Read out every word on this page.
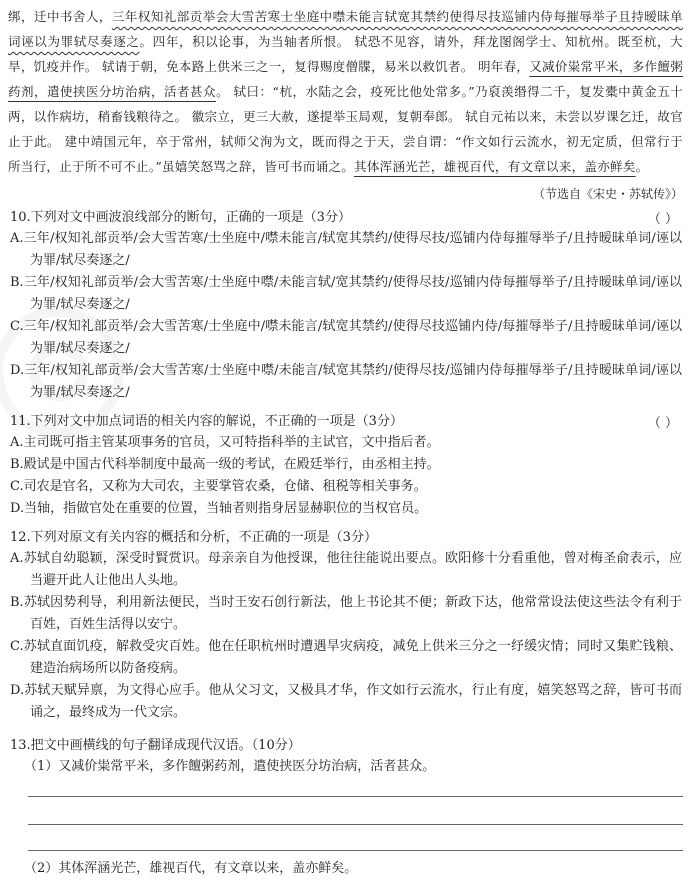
绑，迁中书舍人，三年权知礼部贡举会大雪苦寒士坐庭中噤未能言轼宽其禁约使得尽技巡铺内侍每摧辱举子且持暧昧单词诬以为罪轼尽奏逐之。四年，积以论事，为当轴者所恨。 轼恐不见容，请外，拜龙图阁学士、知杭州。既至杭，大旱，饥疫并作。 轼请于朝，免本路上供米三之一，复得赐度僧牒，易米以救饥者。 明年春，又减价粜常平米，多作饘粥药剂，遣使挟医分坊治病，活者甚众。 轼曰：“杭，水陆之会，疫死比他处常多。”乃裒羡缗得二千，复发橐中黄金五十两，以作病坊，稍畜钱粮待之。 徽宗立，更三大赦，遂提举玉局观，复朝奉郎。 轼自元祐以来，未尝以岁课乞迁，故官止于此。 建中靖国元年，卒于常州，轼师父洵为文，既而得之于天，尝自谓：“作文如行云流水，初无定质，但常行于所当行，止于所不可不止。”虽嬉笑怒骂之辞，皆可书而诵之。其体浑涵光芒，雄视百代，有文章以来，盖亦鲜矣。
（节选自《宋史・苏轼传》）
10.下列对文中画波浪线部分的断句，正确的一项是（3分）	（ ）
A.三年/权知礼部贡举/会大雪苦寒/士坐庭中/噤未能言/轼宽其禁约/使得尽技/巡铺内侍每摧辱举子/且持暧昧单词/诬以为罪/轼尽奏逐之/
B.三年/权知礼部贡举/会大雪苦寒/士坐庭中噤/未能言轼/宽其禁约/使得尽技/巡铺内侍每摧辱举子/且持暧昧单词/诬以为罪/轼尽奏逐之/
C.三年/权知礼部贡举/会大雪苦寒/士坐庭中/噤未能言/轼宽其禁约/使得尽技巡铺内侍/每摧辱举子/且持暧昧单词/诬以为罪/轼尽奏逐之/
D.三年/权知礼部贡举/会大雪苦寒/士坐庭中噤/未能言/轼宽其禁约/使得尽技/巡铺内侍每摧辱举子/且持暧昧单词/诬以为罪/轼尽奏逐之/
11.下列对文中加点词语的相关内容的解说，不正确的一项是（3分）	（ ）
A.主司既可指主管某项事务的官员，又可特指科举的主试官，文中指后者。
B.殿试是中国古代科举制度中最高一级的考试，在殿廷举行，由丞相主持。
C.司农是官名，又称为大司农，主要掌管农桑，仓储、租税等相关事务。
D.当轴，指做官处在重要的位置，当轴者则指身居显赫职位的当权官员。
12.下列对原文有关内容的概括和分析，不正确的一项是（3分）
A.苏轼自幼聪颖，深受时賢赏识。母亲亲自为他授课，他往往能说出要点。欧阳修十分看重他，曾对梅圣俞表示，应当避开此人让他出人头地。
B.苏轼因势利导，利用新法便民，当时王安石创行新法，他上书论其不便；新政下达，他常常设法使这些法令有利于百姓，百姓生活得以安宁。
C.苏轼直面饥疫，解救受灾百姓。他在任职杭州时遭遇旱灾病疫，减免上供米三分之一纾缓灾情；同时又集贮钱粮、建造治病场所以防备疫病。
D.苏轼天赋异禀，为文得心应手。他从父习文，又极具才华，作文如行云流水，行止有度，嬉笑怒骂之辞，皆可书而诵之，最终成为一代文宗。
13.把文中画横线的句子翻译成现代汉语。（10分）
（1）又减价粜常平米，多作饘粥药剂，遣使挟医分坊治病，活者甚众。
（2）其体浑涵光芒，雄视百代，有文章以来，盖亦鲜矣。
